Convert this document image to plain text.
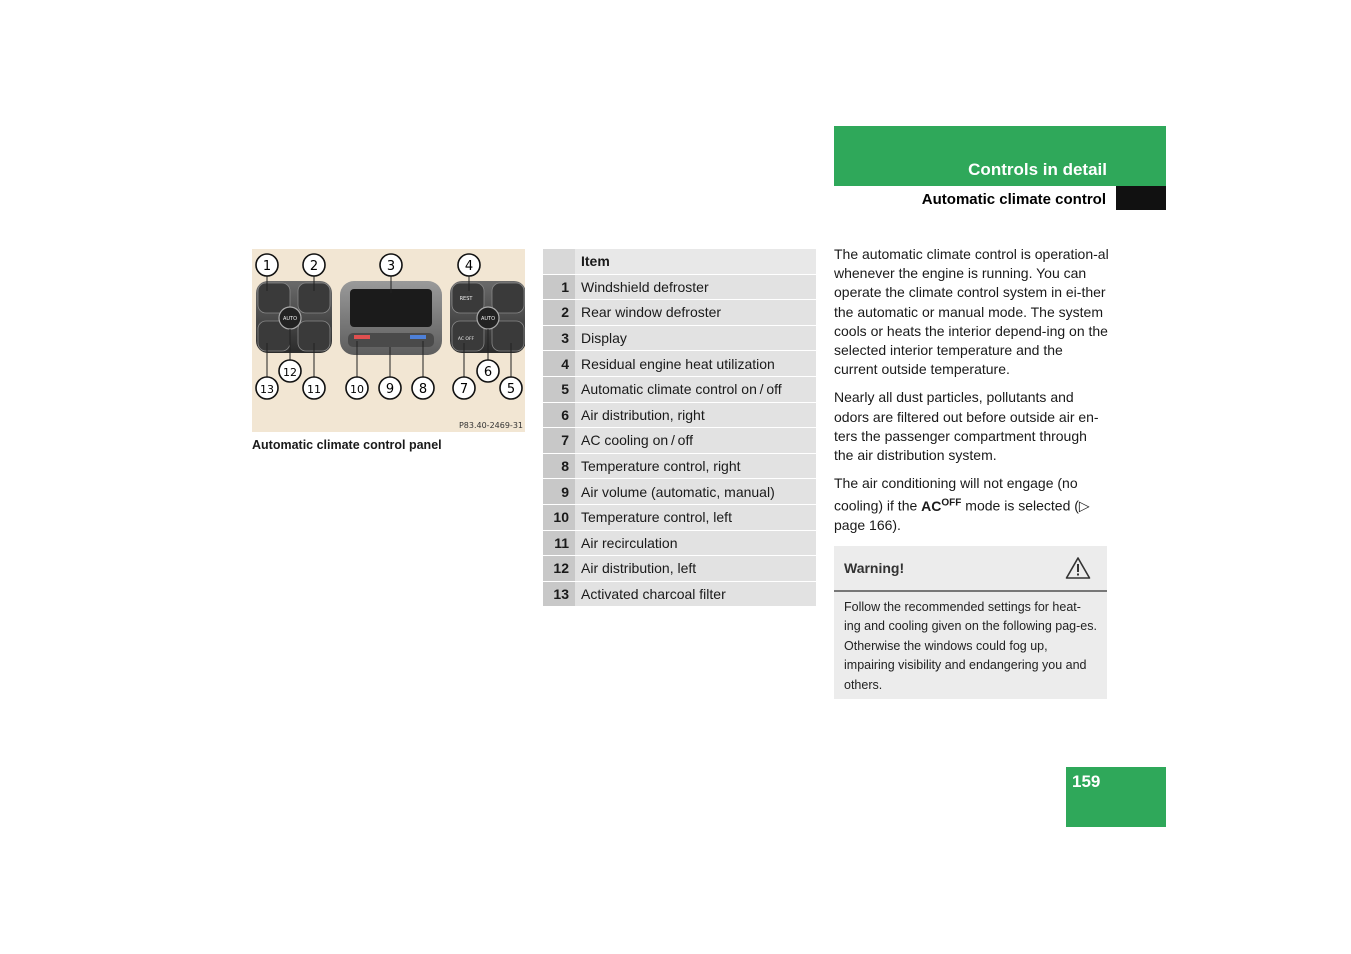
Controls in detail
Automatic climate control
AUTO	AUTO
REST
AC OFF
1	2	3	4
5
6
7
8
9
10
11
12
13
P83.40-2469-31
Automatic climate control panel
	Item
1	Windshield defroster
2	Rear window defroster
3	Display
4	Residual engine heat utilization
5	Automatic climate control on / off
6	Air distribution, right
7	AC cooling on / off
8	Temperature control, right
9	Air volume (automatic, manual)
10	Temperature control, left
11	Air recirculation
12	Air distribution, left
13	Activated charcoal filter

The automatic climate control is operation-al whenever the engine is running. You can operate the climate control system in ei-ther the automatic or manual mode. The system cools or heats the interior depend-ing on the selected interior temperature and the current outside temperature.

Nearly all dust particles, pollutants and odors are filtered out before outside air en-ters the passenger compartment through the air distribution system.

The air conditioning will not engage (no cooling) if the $AC^{OFF}$ mode is selected (▷ page 166).

Warning!
Follow the recommended settings for heat-ing and cooling given on the following pag-es. Otherwise the windows could fog up, impairing visibility and endangering you and others.
159
